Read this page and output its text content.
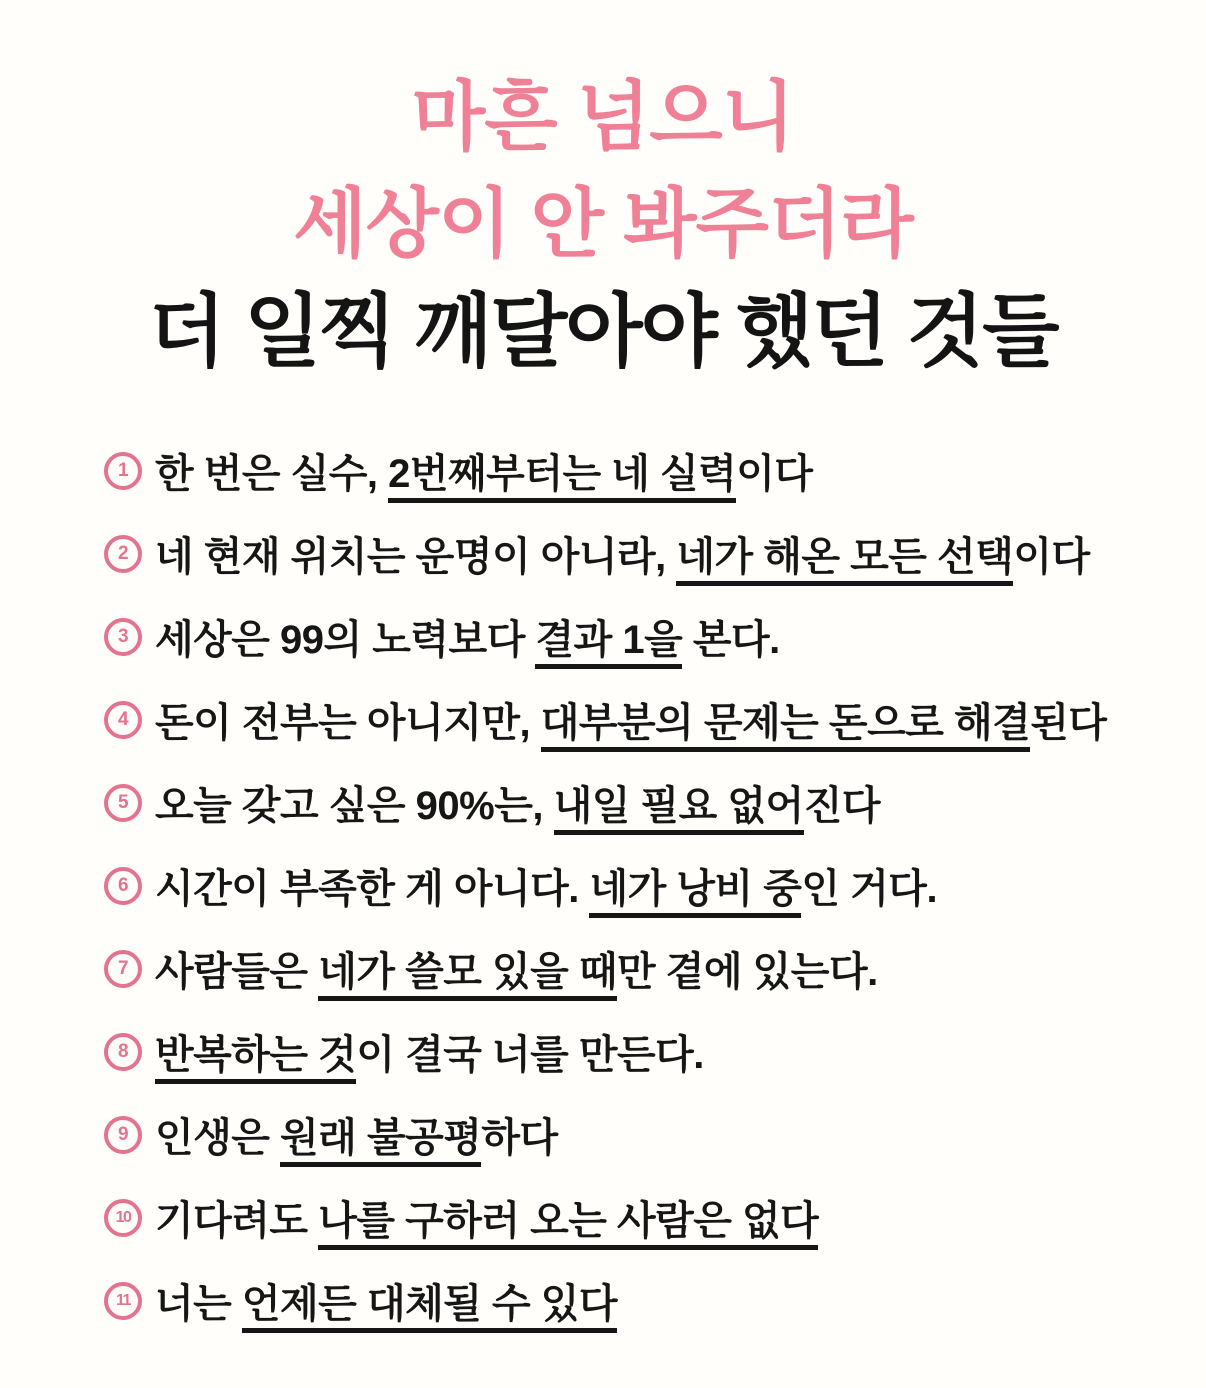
마흔 넘으니
세상이 안 봐주더라
더 일찍 깨달아야 했던 것들
1 한 번은 실수, 2번째부터는 네 실력이다
2 네 현재 위치는 운명이 아니라, 네가 해온 모든 선택이다
3 세상은 99의 노력보다 결과 1을 본다.
4 돈이 전부는 아니지만, 대부분의 문제는 돈으로 해결된다
5 오늘 갖고 싶은 90%는, 내일 필요 없어진다
6 시간이 부족한 게 아니다. 네가 낭비 중인 거다.
7 사람들은 네가 쓸모 있을 때만 곁에 있는다.
8 반복하는 것이 결국 너를 만든다.
9 인생은 원래 불공평하다
10 기다려도 나를 구하러 오는 사람은 없다
11 너는 언제든 대체될 수 있다
